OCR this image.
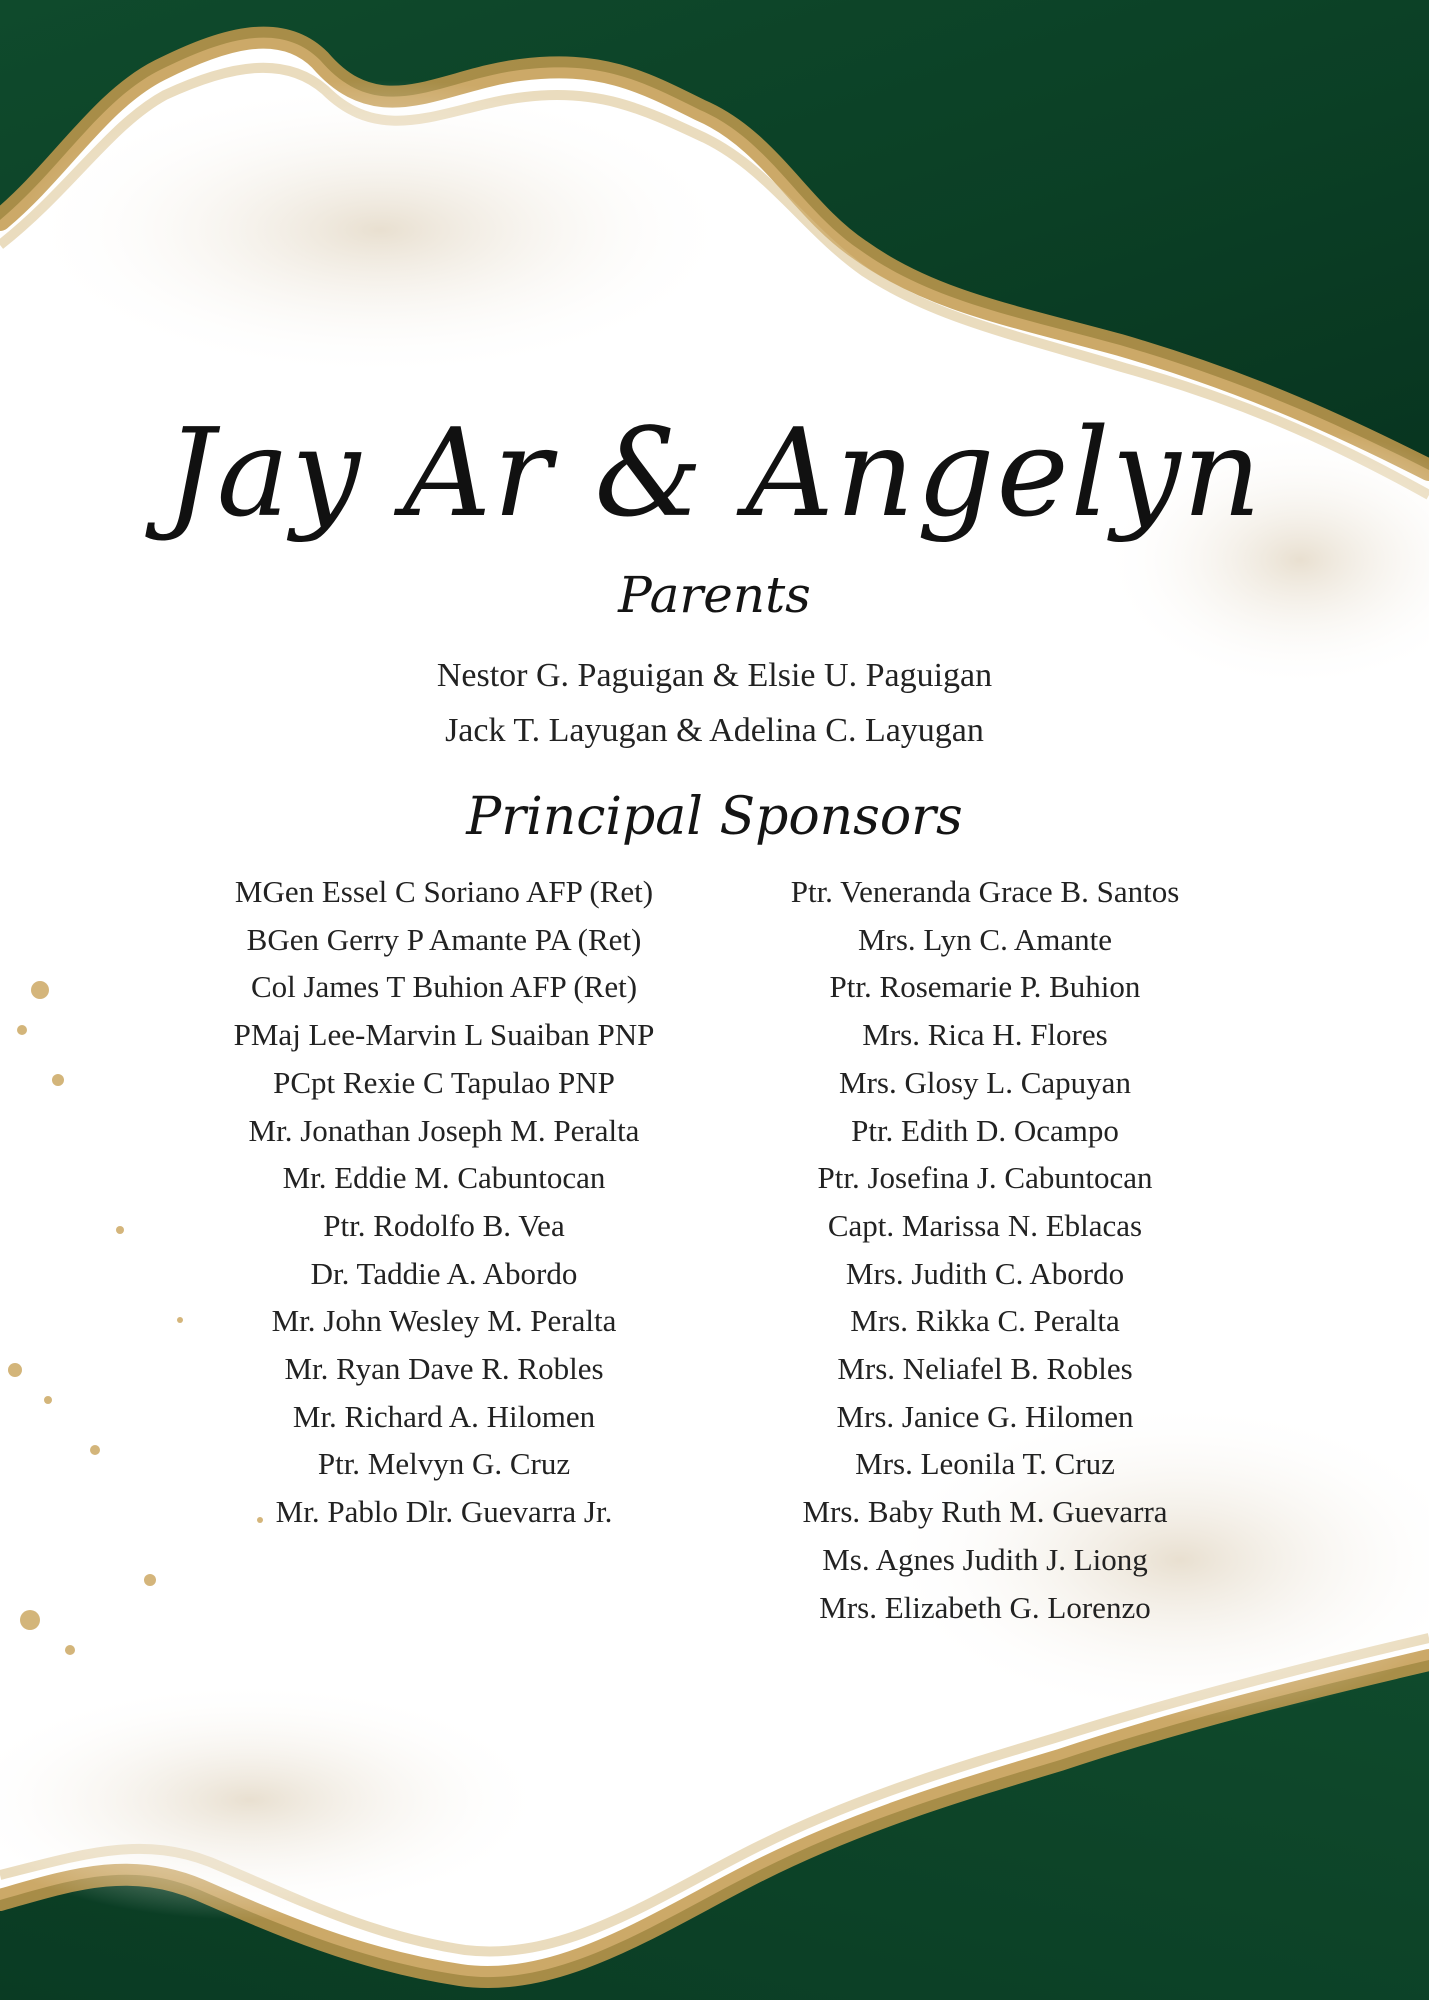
Jay Ar & Angelyn
Parents
Nestor G. Paguigan & Elsie U. Paguigan
Jack T. Layugan & Adelina C. Layugan
Principal Sponsors
MGen Essel C Soriano AFP (Ret)
BGen Gerry P Amante PA (Ret)
Col James T Buhion AFP (Ret)
PMaj Lee-Marvin L Suaiban PNP
PCpt Rexie C Tapulao PNP
Mr. Jonathan Joseph M. Peralta
Mr. Eddie M. Cabuntocan
Ptr. Rodolfo B. Vea
Dr. Taddie A. Abordo
Mr. John Wesley M. Peralta
Mr. Ryan Dave R. Robles
Mr. Richard A. Hilomen
Ptr. Melvyn G. Cruz
Mr. Pablo Dlr. Guevarra Jr.
Ptr. Veneranda Grace B. Santos
Mrs. Lyn C. Amante
Ptr. Rosemarie P. Buhion
Mrs. Rica H. Flores
Mrs. Glosy L. Capuyan
Ptr. Edith D. Ocampo
Ptr. Josefina J. Cabuntocan
Capt. Marissa N. Eblacas
Mrs. Judith C. Abordo
Mrs. Rikka C. Peralta
Mrs. Neliafel B. Robles
Mrs. Janice G. Hilomen
Mrs. Leonila T. Cruz
Mrs. Baby Ruth M. Guevarra
Ms. Agnes Judith J. Liong
Mrs. Elizabeth G. Lorenzo
